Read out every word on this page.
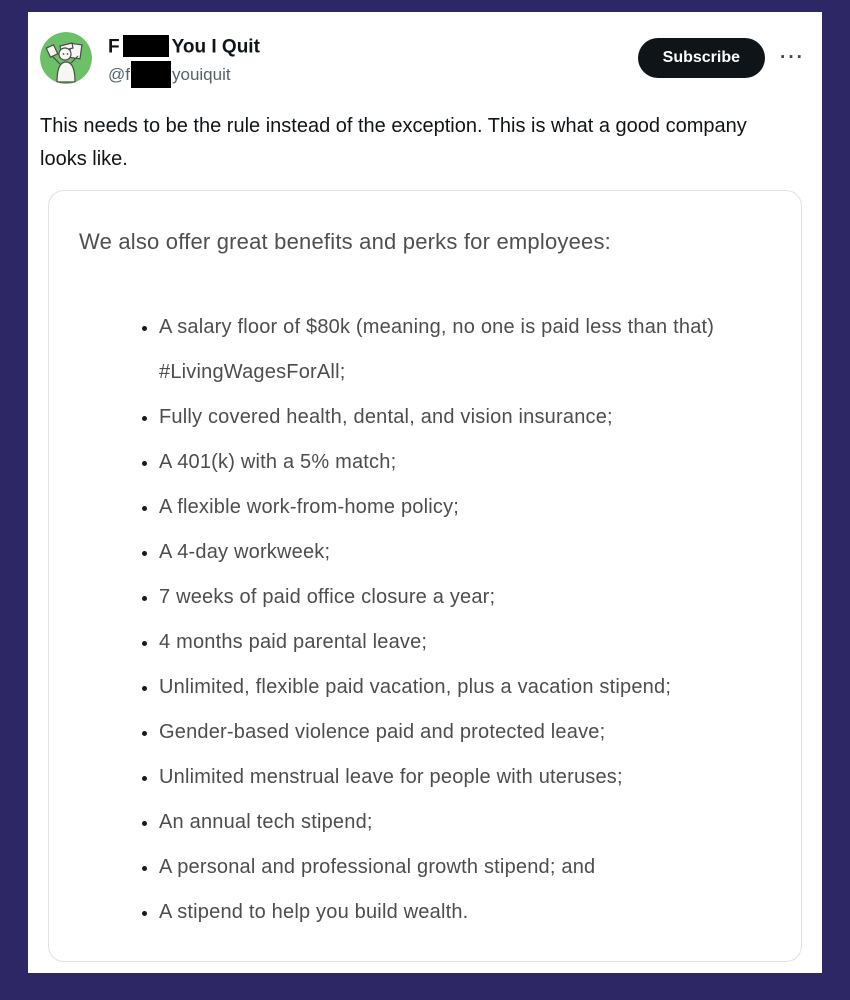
F	You I Quit
@f youiquit
Subscribe	···
This needs to be the rule instead of the exception. This is what a good company looks like.
We also offer great benefits and perks for employees:
• A salary floor of $80k (meaning, no one is paid less than that) #LivingWagesForAll;
• Fully covered health, dental, and vision insurance;
• A 401(k) with a 5% match;
• A flexible work-from-home policy;
• A 4-day workweek;
• 7 weeks of paid office closure a year;
• 4 months paid parental leave;
• Unlimited, flexible paid vacation, plus a vacation stipend;
• Gender-based violence paid and protected leave;
• Unlimited menstrual leave for people with uteruses;
• An annual tech stipend;
• A personal and professional growth stipend; and
• A stipend to help you build wealth.
